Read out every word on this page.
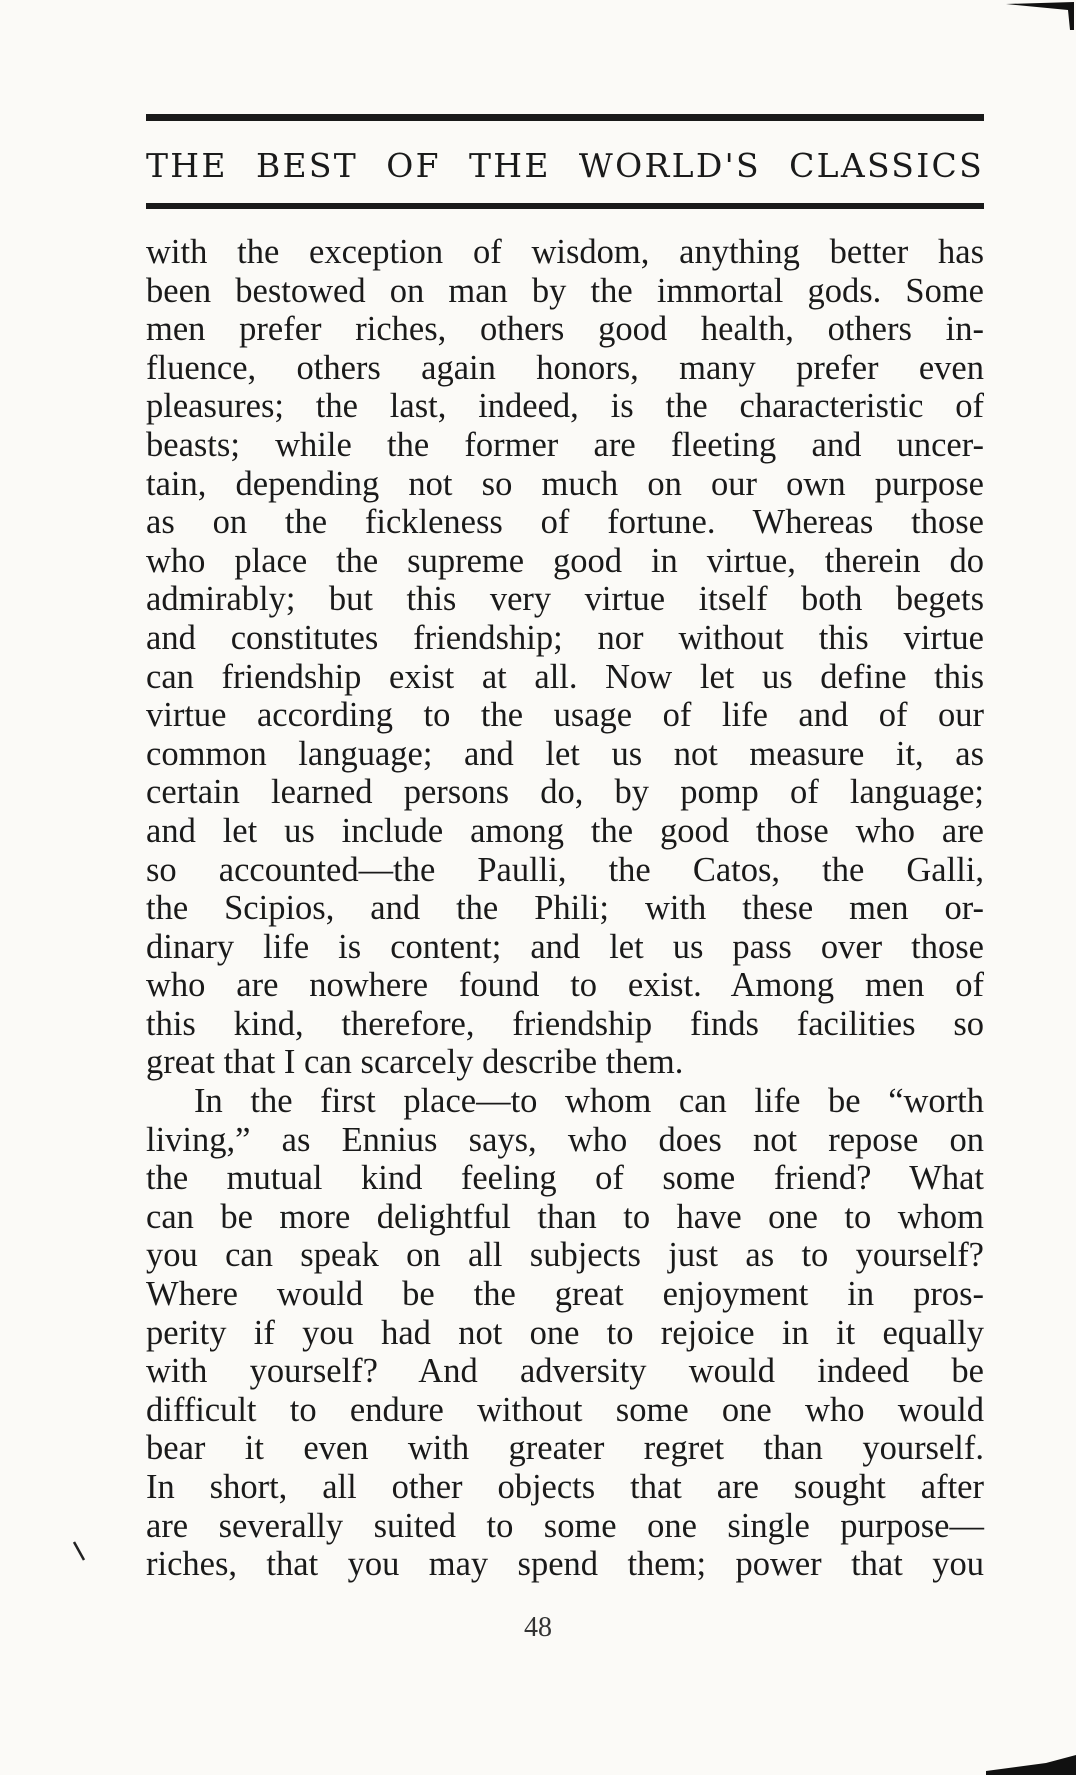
THE BEST OF THE WORLD'S CLASSICS
with the exception of wisdom, anything better has
been bestowed on man by the immortal gods. Some
men prefer riches, others good health, others in-
fluence, others again honors, many prefer even
pleasures; the last, indeed, is the characteristic of
beasts; while the former are fleeting and uncer-
tain, depending not so much on our own purpose
as on the fickleness of fortune. Whereas those
who place the supreme good in virtue, therein do
admirably; but this very virtue itself both begets
and constitutes friendship; nor without this virtue
can friendship exist at all. Now let us define this
virtue according to the usage of life and of our
common language; and let us not measure it, as
certain learned persons do, by pomp of language;
and let us include among the good those who are
so accounted—the Paulli, the Catos, the Galli,
the Scipios, and the Phili; with these men or-
dinary life is content; and let us pass over those
who are nowhere found to exist. Among men of
this kind, therefore, friendship finds facilities so
great that I can scarcely describe them.
In the first place—to whom can life be “worth
living,” as Ennius says, who does not repose on
the mutual kind feeling of some friend? What
can be more delightful than to have one to whom
you can speak on all subjects just as to yourself?
Where would be the great enjoyment in pros-
perity if you had not one to rejoice in it equally
with yourself? And adversity would indeed be
difficult to endure without some one who would
bear it even with greater regret than yourself.
In short, all other objects that are sought after
are severally suited to some one single purpose—
riches, that you may spend them; power that you
48
